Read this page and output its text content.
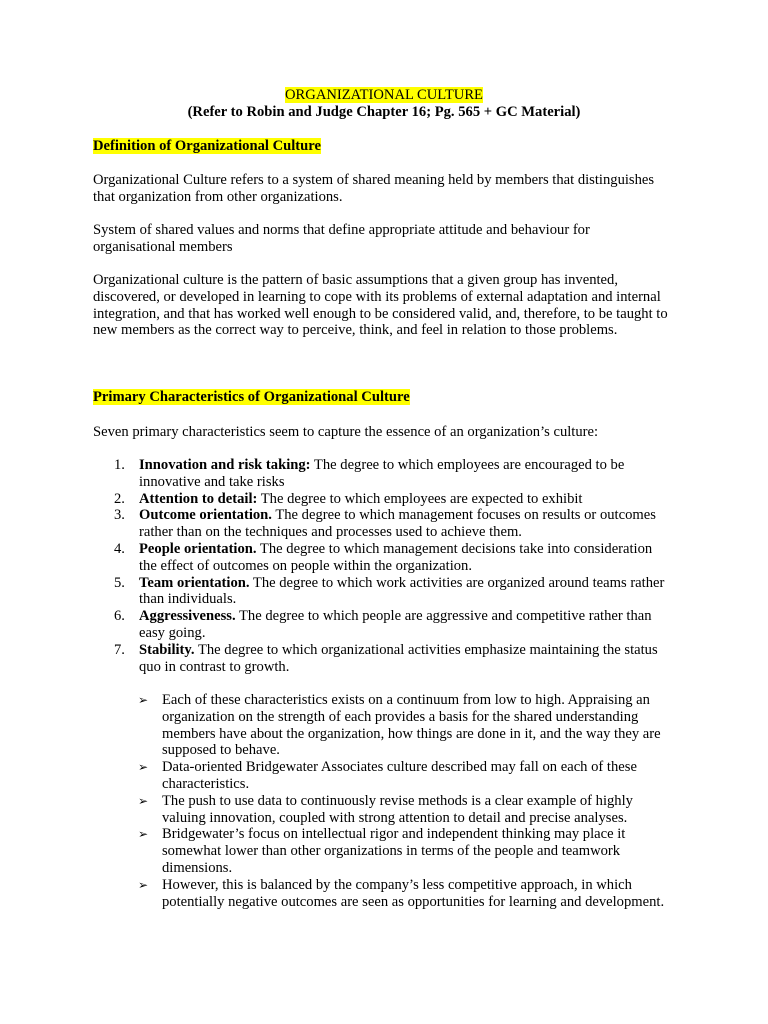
ORGANIZATIONAL CULTURE
(Refer to Robin and Judge Chapter 16; Pg. 565 + GC Material)
Definition of Organizational Culture

Organizational Culture refers to a system of shared meaning held by members that distinguishes that organization from other organizations.

System of shared values and norms that define appropriate attitude and behaviour for organisational members

Organizational culture is the pattern of basic assumptions that a given group has invented, discovered, or developed in learning to cope with its problems of external adaptation and internal integration, and that has worked well enough to be considered valid, and, therefore, to be taught to new members as the correct way to perceive, think, and feel in relation to those problems.

Primary Characteristics of Organizational Culture

Seven primary characteristics seem to capture the essence of an organization’s culture:

1. Innovation and risk taking: The degree to which employees are encouraged to be innovative and take risks
2. Attention to detail: The degree to which employees are expected to exhibit
3. Outcome orientation. The degree to which management focuses on results or outcomes rather than on the techniques and processes used to achieve them.
4. People orientation. The degree to which management decisions take into consideration the effect of outcomes on people within the organization.
5. Team orientation. The degree to which work activities are organized around teams rather than individuals.
6. Aggressiveness. The degree to which people are aggressive and competitive rather than easy going.
7. Stability. The degree to which organizational activities emphasize maintaining the status quo in contrast to growth.
➢ Each of these characteristics exists on a continuum from low to high. Appraising an organization on the strength of each provides a basis for the shared understanding members have about the organization, how things are done in it, and the way they are supposed to behave.
➢ Data-oriented Bridgewater Associates culture described may fall on each of these characteristics.
➢ The push to use data to continuously revise methods is a clear example of highly valuing innovation, coupled with strong attention to detail and precise analyses.
➢ Bridgewater’s focus on intellectual rigor and independent thinking may place it somewhat lower than other organizations in terms of the people and teamwork dimensions.
➢ However, this is balanced by the company’s less competitive approach, in which potentially negative outcomes are seen as opportunities for learning and development.
